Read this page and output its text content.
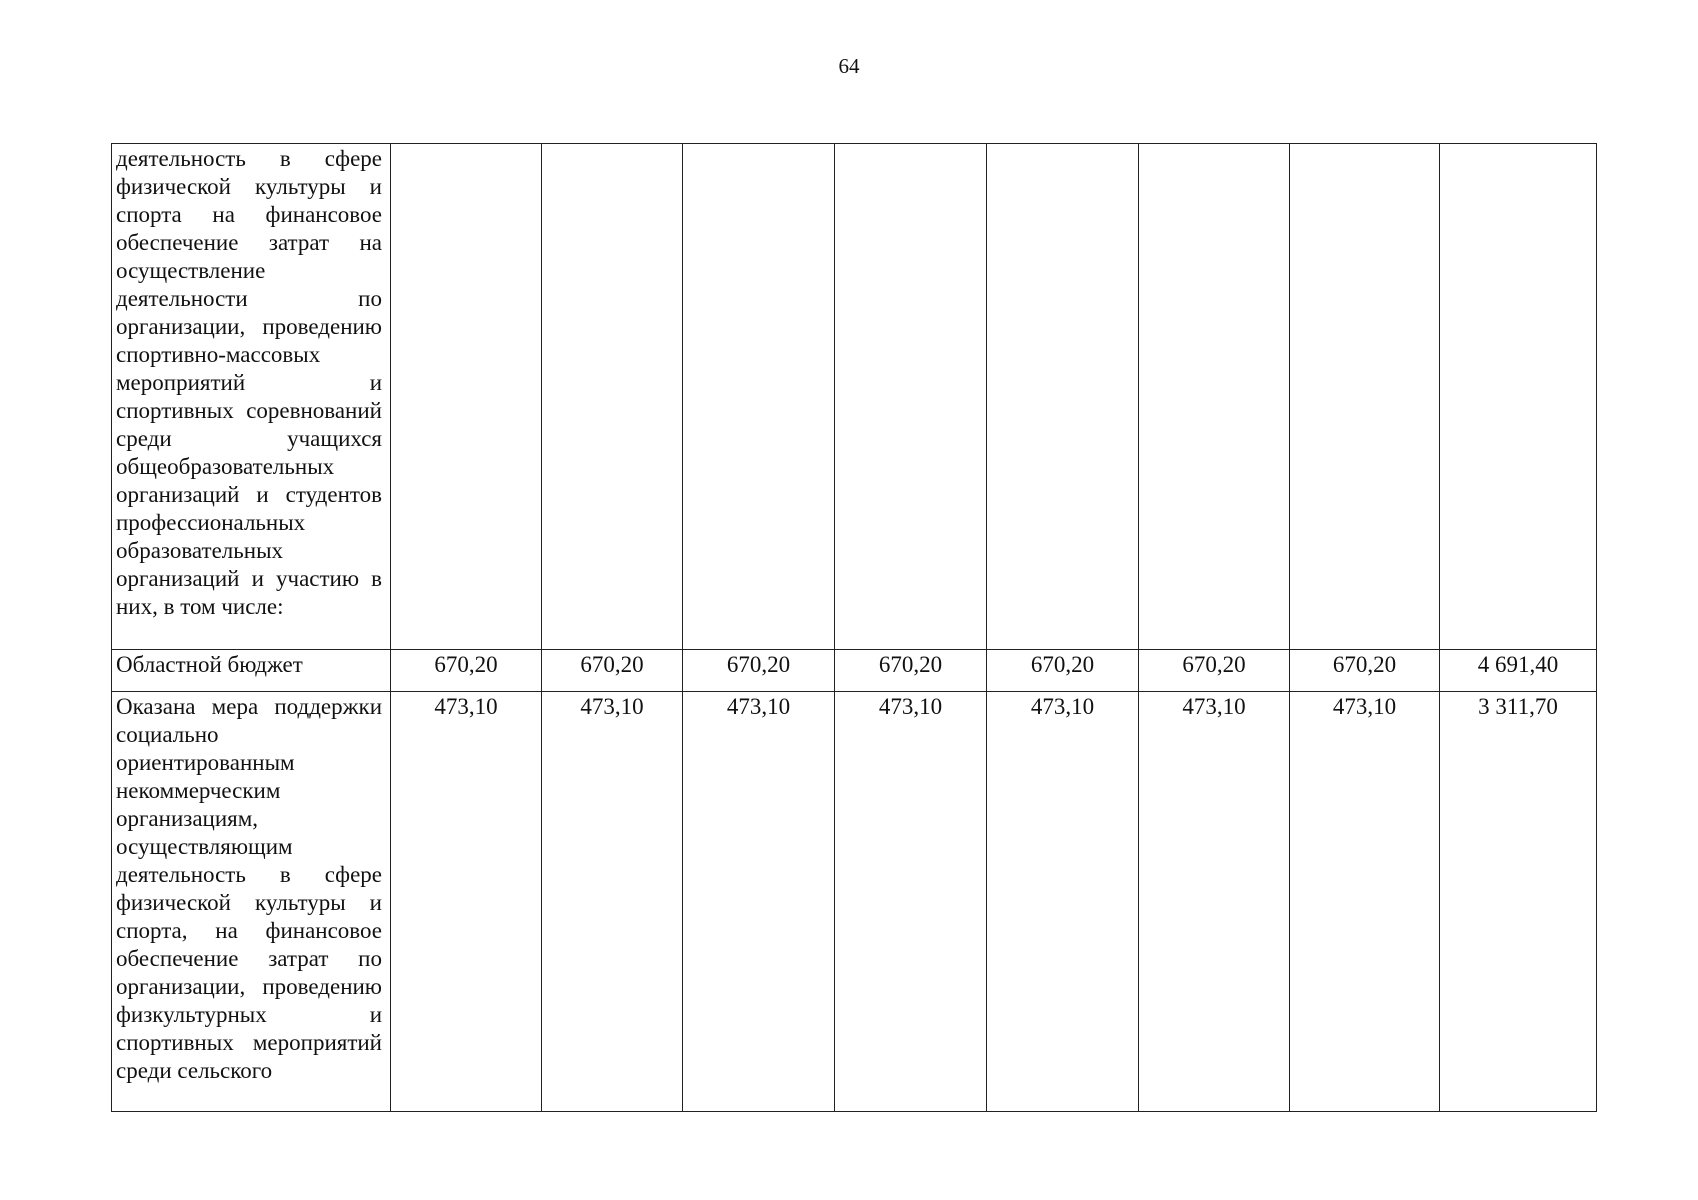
64
деятельность в сфере физической культуры и спорта на финансовое обеспечение затрат на осуществление деятельности по организации, проведению спортивно-массовых мероприятий и спортивных соревнований среди учащихся общеобразовательных организаций и студентов профессиональных образовательных организаций и участию в них, в том числе:								
Областной бюджет	670,20	670,20	670,20	670,20	670,20	670,20	670,20	4 691,40
Оказана мера поддержки социально ориентированным некоммерческим организациям, осуществляющим деятельность в сфере физической культуры и спорта, на финансовое обеспечение затрат по организации, проведению физкультурных и спортивных мероприятий среди сельского	473,10	473,10	473,10	473,10	473,10	473,10	473,10	3 311,70
